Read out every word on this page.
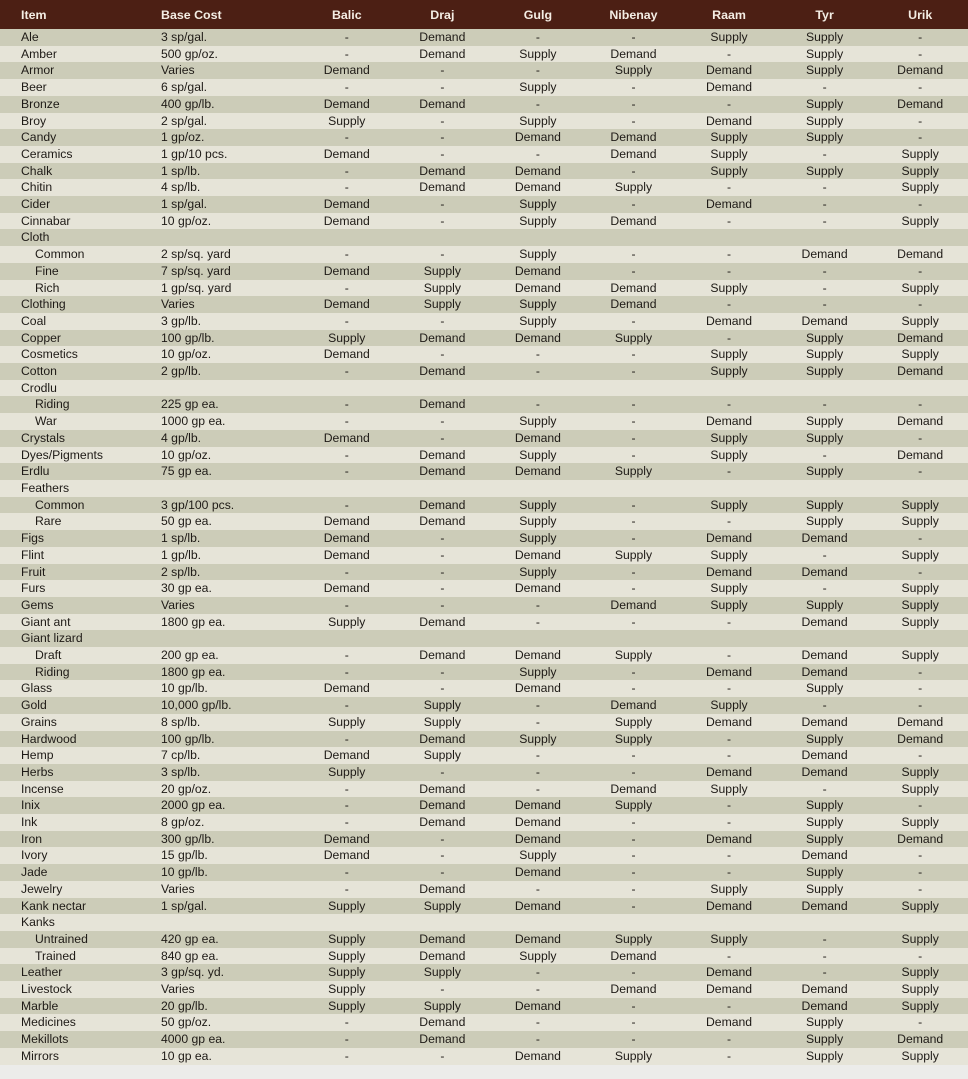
Item	Base Cost	Balic	Draj	Gulg	Nibenay	Raam	Tyr	Urik
Ale	3 sp/gal.	-	Demand	-	-	Supply	Supply	-
Amber	500 gp/oz.	-	Demand	Supply	Demand	-	Supply	-
Armor	Varies	Demand	-	-	Supply	Demand	Supply	Demand
Beer	6 sp/gal.	-	-	Supply	-	Demand	-	-
Bronze	400 gp/lb.	Demand	Demand	-	-	-	Supply	Demand
Broy	2 sp/gal.	Supply	-	Supply	-	Demand	Supply	-
Candy	1 gp/oz.	-	-	Demand	Demand	Supply	Supply	-
Ceramics	1 gp/10 pcs.	Demand	-	-	Demand	Supply	-	Supply
Chalk	1 sp/lb.	-	Demand	Demand	-	Supply	Supply	Supply
Chitin	4 sp/lb.	-	Demand	Demand	Supply	-	-	Supply
Cider	1 sp/gal.	Demand	-	Supply	-	Demand	-	-
Cinnabar	10 gp/oz.	Demand	-	Supply	Demand	-	-	Supply
Cloth								
Common	2 sp/sq. yard	-	-	Supply	-	-	Demand	Demand
Fine	7 sp/sq. yard	Demand	Supply	Demand	-	-	-	-
Rich	1 gp/sq. yard	-	Supply	Demand	Demand	Supply	-	Supply
Clothing	Varies	Demand	Supply	Supply	Demand	-	-	-
Coal	3 gp/lb.	-	-	Supply	-	Demand	Demand	Supply
Copper	100 gp/lb.	Supply	Demand	Demand	Supply	-	Supply	Demand
Cosmetics	10 gp/oz.	Demand	-	-	-	Supply	Supply	Supply
Cotton	2 gp/lb.	-	Demand	-	-	Supply	Supply	Demand
Crodlu								
Riding	225 gp ea.	-	Demand	-	-	-	-	-
War	1000 gp ea.	-	-	Supply	-	Demand	Supply	Demand
Crystals	4 gp/lb.	Demand	-	Demand	-	Supply	Supply	-
Dyes/Pigments	10 gp/oz.	-	Demand	Supply	-	Supply	-	Demand
Erdlu	75 gp ea.	-	Demand	Demand	Supply	-	Supply	-
Feathers								
Common	3 gp/100 pcs.	-	Demand	Supply	-	Supply	Supply	Supply
Rare	50 gp ea.	Demand	Demand	Supply	-	-	Supply	Supply
Figs	1 sp/lb.	Demand	-	Supply	-	Demand	Demand	-
Flint	1 gp/lb.	Demand	-	Demand	Supply	Supply	-	Supply
Fruit	2 sp/lb.	-	-	Supply	-	Demand	Demand	-
Furs	30 gp ea.	Demand	-	Demand	-	Supply	-	Supply
Gems	Varies	-	-	-	Demand	Supply	Supply	Supply
Giant ant	1800 gp ea.	Supply	Demand	-	-	-	Demand	Supply
Giant lizard								
Draft	200 gp ea.	-	Demand	Demand	Supply	-	Demand	Supply
Riding	1800 gp ea.	-	-	Supply	-	Demand	Demand	-
Glass	10 gp/lb.	Demand	-	Demand	-	-	Supply	-
Gold	10,000 gp/lb.	-	Supply	-	Demand	Supply	-	-
Grains	8 sp/lb.	Supply	Supply	-	Supply	Demand	Demand	Demand
Hardwood	100 gp/lb.	-	Demand	Supply	Supply	-	Supply	Demand
Hemp	7 cp/lb.	Demand	Supply	-	-	-	Demand	-
Herbs	3 sp/lb.	Supply	-	-	-	Demand	Demand	Supply
Incense	20 gp/oz.	-	Demand	-	Demand	Supply	-	Supply
Inix	2000 gp ea.	-	Demand	Demand	Supply	-	Supply	-
Ink	8 gp/oz.	-	Demand	Demand	-	-	Supply	Supply
Iron	300 gp/lb.	Demand	-	Demand	-	Demand	Supply	Demand
Ivory	15 gp/lb.	Demand	-	Supply	-	-	Demand	-
Jade	10 gp/lb.	-	-	Demand	-	-	Supply	-
Jewelry	Varies	-	Demand	-	-	Supply	Supply	-
Kank nectar	1 sp/gal.	Supply	Supply	Demand	-	Demand	Demand	Supply
Kanks								
Untrained	420 gp ea.	Supply	Demand	Demand	Supply	Supply	-	Supply
Trained	840 gp ea.	Supply	Demand	Supply	Demand	-	-	-
Leather	3 gp/sq. yd.	Supply	Supply	-	-	Demand	-	Supply
Livestock	Varies	Supply	-	-	Demand	Demand	Demand	Supply
Marble	20 gp/lb.	Supply	Supply	Demand	-	-	Demand	Supply
Medicines	50 gp/oz.	-	Demand	-	-	Demand	Supply	-
Mekillots	4000 gp ea.	-	Demand	-	-	-	Supply	Demand
Mirrors	10 gp ea.	-	-	Demand	Supply	-	Supply	Supply
